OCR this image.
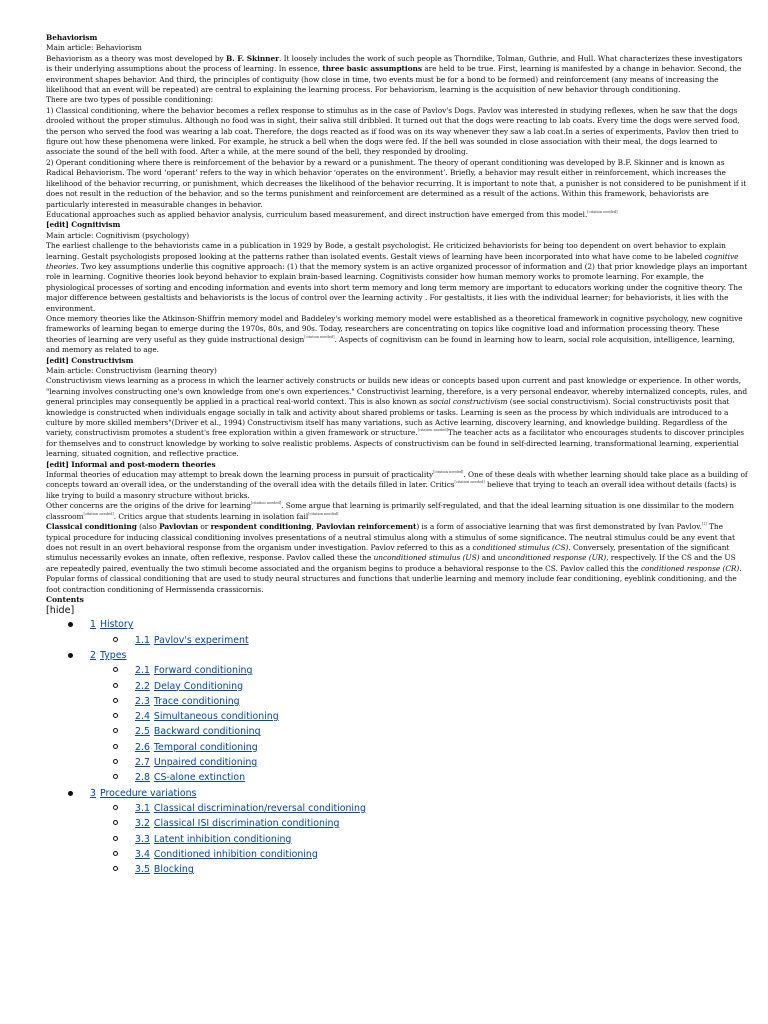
Behaviorism

Main article: Behaviorism

Behaviorism as a theory was most developed by B. F. Skinner. It loosely includes the work of such people as Thorndike, Tolman, Guthrie, and Hull. What characterizes these investigators is their underlying assumptions about the process of learning. In essence, three basic assumptions are held to be true. First, learning is manifested by a change in behavior. Second, the environment shapes behavior. And third, the principles of contiguity (how close in time, two events must be for a bond to be formed) and reinforcement (any means of increasing the likelihood that an event will be repeated) are central to explaining the learning process. For behaviorism, learning is the acquisition of new behavior through conditioning.

There are two types of possible conditioning:

1) Classical conditioning, where the behavior becomes a reflex response to stimulus as in the case of Pavlov's Dogs. Pavlov was interested in studying reflexes, when he saw that the dogs drooled without the proper stimulus. Although no food was in sight, their saliva still dribbled. It turned out that the dogs were reacting to lab coats. Every time the dogs were served food, the person who served the food was wearing a lab coat. Therefore, the dogs reacted as if food was on its way whenever they saw a lab coat.In a series of experiments, Pavlov then tried to figure out how these phenomena were linked. For example, he struck a bell when the dogs were fed. If the bell was sounded in close association with their meal, the dogs learned to associate the sound of the bell with food. After a while, at the mere sound of the bell, they responded by drooling.

2) Operant conditioning where there is reinforcement of the behavior by a reward or a punishment. The theory of operant conditioning was developed by B.F. Skinner and is known as Radical Behaviorism. The word ‘operant’ refers to the way in which behavior ‘operates on the environment’. Briefly, a behavior may result either in reinforcement, which increases the likelihood of the behavior recurring, or punishment, which decreases the likelihood of the behavior recurring. It is important to note that, a punisher is not considered to be punishment if it does not result in the reduction of the behavior, and so the terms punishment and reinforcement are determined as a result of the actions. Within this framework, behaviorists are particularly interested in measurable changes in behavior.

Educational approaches such as applied behavior analysis, curriculum based measurement, and direct instruction have emerged from this model.[citation needed]

[edit] Cognitivism

Main article: Cognitivism (psychology)

The earliest challenge to the behaviorists came in a publication in 1929 by Bode, a gestalt psychologist. He criticized behaviorists for being too dependent on overt behavior to explain learning. Gestalt psychologists proposed looking at the patterns rather than isolated events. Gestalt views of learning have been incorporated into what have come to be labeled cognitive theories. Two key assumptions underlie this cognitive approach: (1) that the memory system is an active organized processor of information and (2) that prior knowledge plays an important role in learning. Cognitive theories look beyond behavior to explain brain-based learning. Cognitivists consider how human memory works to promote learning. For example, the physiological processes of sorting and encoding information and events into short term memory and long term memory are important to educators working under the cognitive theory. The major difference between gestaltists and behaviorists is the locus of control over the learning activity . For gestaltists, it lies with the individual learner; for behaviorists, it lies with the environment.

Once memory theories like the Atkinson-Shiffrin memory model and Baddeley's working memory model were established as a theoretical framework in cognitive psychology, new cognitive frameworks of learning began to emerge during the 1970s, 80s, and 90s. Today, researchers are concentrating on topics like cognitive load and information processing theory. These theories of learning are very useful as they guide instructional design[citation needed]. Aspects of cognitivism can be found in learning how to learn, social role acquisition, intelligence, learning, and memory as related to age.

[edit] Constructivism

Main article: Constructivism (learning theory)

Constructivism views learning as a process in which the learner actively constructs or builds new ideas or concepts based upon current and past knowledge or experience. In other words, "learning involves constructing one's own knowledge from one's own experiences." Constructivist learning, therefore, is a very personal endeavor, whereby internalized concepts, rules, and general principles may consequently be applied in a practical real-world context. This is also known as social constructivism (see social constructivism). Social constructivists posit that knowledge is constructed when individuals engage socially in talk and activity about shared problems or tasks. Learning is seen as the process by which individuals are introduced to a culture by more skilled members"(Driver et al., 1994) Constructivism itself has many variations, such as Active learning, discovery learning, and knowledge building. Regardless of the variety, constructivism promotes a student's free exploration within a given framework or structure.[citation needed]The teacher acts as a facilitator who encourages students to discover principles for themselves and to construct knowledge by working to solve realistic problems. Aspects of constructivism can be found in self-directed learning, transformational learning, experiential learning, situated cognition, and reflective practice.

[edit] Informal and post-modern theories

Informal theories of education may attempt to break down the learning process in pursuit of practicality[citation needed]. One of these deals with whether learning should take place as a building of concepts toward an overall idea, or the understanding of the overall idea with the details filled in later. Critics[citation needed] believe that trying to teach an overall idea without details (facts) is like trying to build a masonry structure without bricks.

Other concerns are the origins of the drive for learning[citation needed]. Some argue that learning is primarily self-regulated, and that the ideal learning situation is one dissimilar to the modern classroom[citation needed]. Critics argue that students learning in isolation fail[citation needed]

Classical conditioning (also Pavlovian or respondent conditioning, Pavlovian reinforcement) is a form of associative learning that was first demonstrated by Ivan Pavlov.[1] The typical procedure for inducing classical conditioning involves presentations of a neutral stimulus along with a stimulus of some significance. The neutral stimulus could be any event that does not result in an overt behavioral response from the organism under investigation. Pavlov referred to this as a conditioned stimulus (CS). Conversely, presentation of the significant stimulus necessarily evokes an innate, often reflexive, response. Pavlov called these the unconditioned stimulus (US) and unconditioned response (UR), respectively. If the CS and the US are repeatedly paired, eventually the two stimuli become associated and the organism begins to produce a behavioral response to the CS. Pavlov called this the conditioned response (CR).

Popular forms of classical conditioning that are used to study neural structures and functions that underlie learning and memory include fear conditioning, eyeblink conditioning, and the foot contraction conditioning of Hermissenda crassicornis.

Contents

[hide]
1 History
1.1 Pavlov's experiment
2 Types
2.1 Forward conditioning
2.2 Delay Conditioning
2.3 Trace conditioning
2.4 Simultaneous conditioning
2.5 Backward conditioning
2.6 Temporal conditioning
2.7 Unpaired conditioning
2.8 CS-alone extinction
3 Procedure variations
3.1 Classical discrimination/reversal conditioning
3.2 Classical ISI discrimination conditioning
3.3 Latent inhibition conditioning
3.4 Conditioned inhibition conditioning
3.5 Blocking
